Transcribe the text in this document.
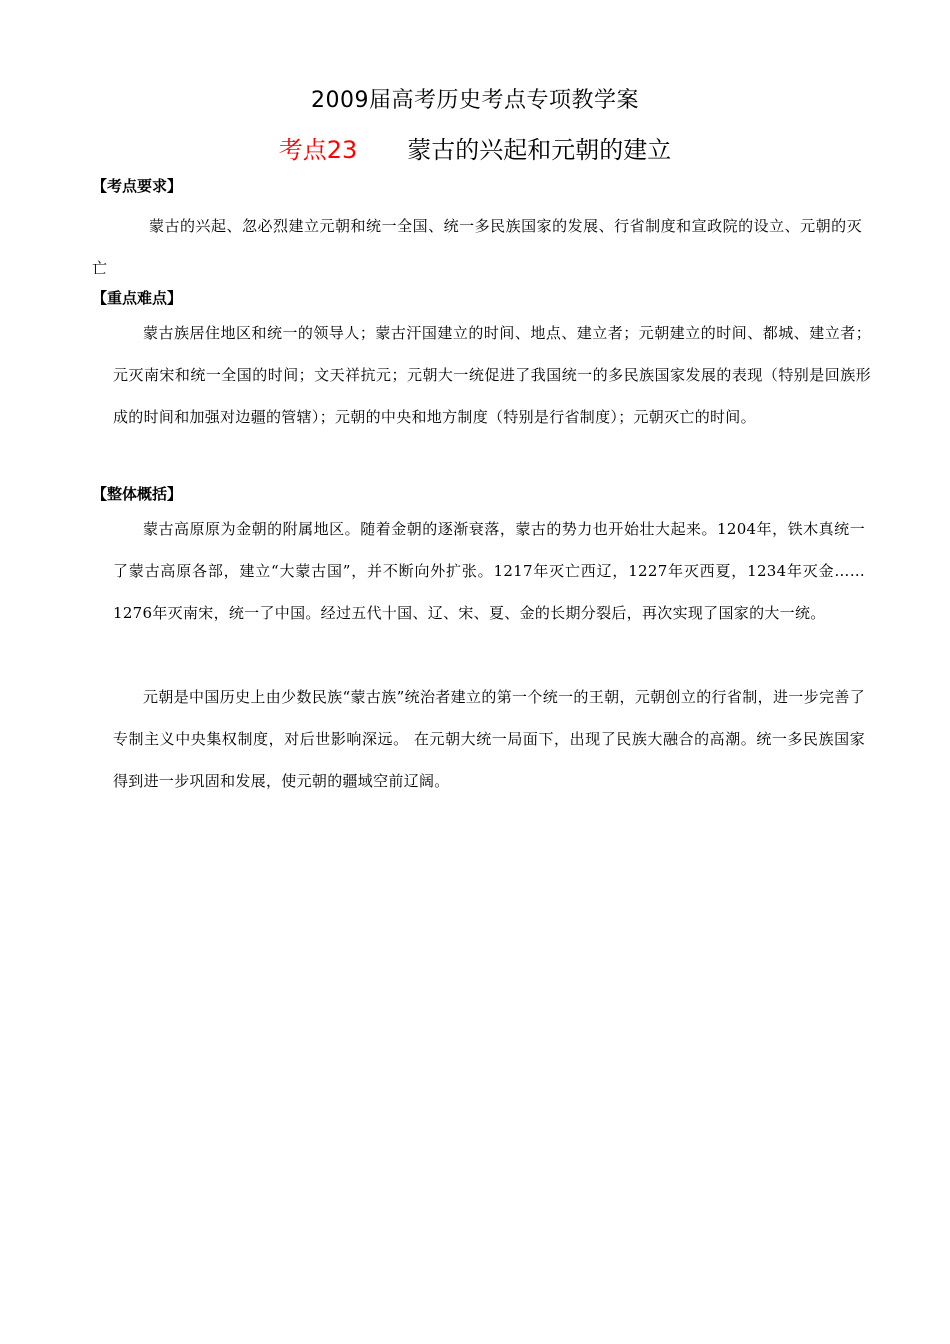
2009届高考历史考点专项教学案
考点23 蒙古的兴起和元朝的建立
【考点要求】

蒙古的兴起、忽必烈建立元朝和统一全国、统一多民族国家的发展、行省制度和宣政院的设立、元朝的灭亡

【重点难点】

蒙古族居住地区和统一的领导人；蒙古汗国建立的时间、地点、建立者；元朝建立的时间、都城、建立者；元灭南宋和统一全国的时间；文天祥抗元；元朝大一统促进了我国统一的多民族国家发展的表现（特别是回族形成的时间和加强对边疆的管辖）；元朝的中央和地方制度（特别是行省制度）；元朝灭亡的时间。

【整体概括】

蒙古高原原为金朝的附属地区。随着金朝的逐渐衰落，蒙古的势力也开始壮大起来。1204年，铁木真统一了蒙古高原各部，建立“大蒙古国”，并不断向外扩张。1217年灭亡西辽，1227年灭西夏，1234年灭金……1276年灭南宋，统一了中国。经过五代十国、辽、宋、夏、金的长期分裂后，再次实现了国家的大一统。

元朝是中国历史上由少数民族“蒙古族”统治者建立的第一个统一的王朝，元朝创立的行省制，进一步完善了专制主义中央集权制度，对后世影响深远。 在元朝大统一局面下，出现了民族大融合的高潮。统一多民族国家得到进一步巩固和发展，使元朝的疆域空前辽阔。
